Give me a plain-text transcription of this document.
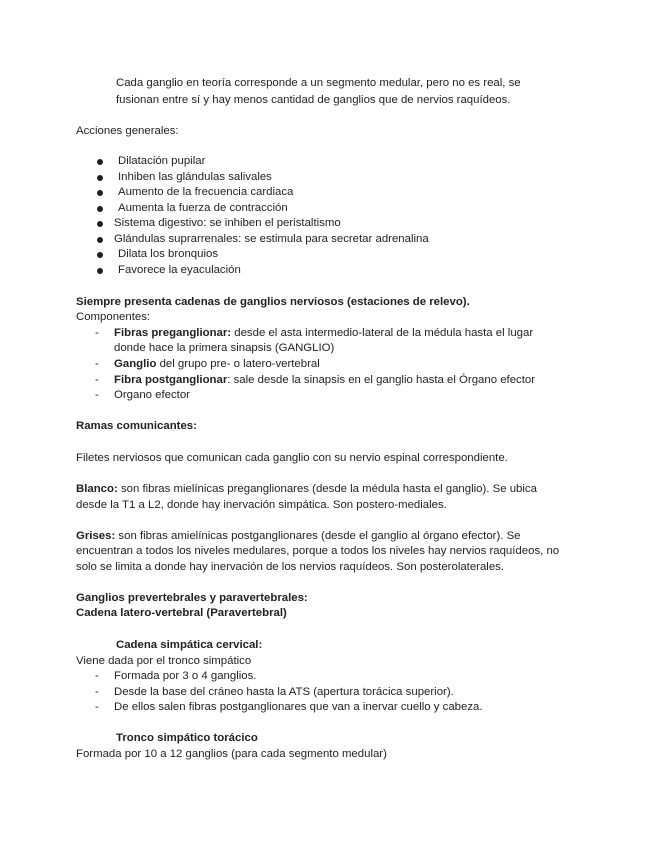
Cada ganglio en teoría corresponde a un segmento medular, pero no es real, se
fusionan entre sí y hay menos cantidad de ganglios que de nervios raquídeos.
Acciones generales:
Dilatación pupilar
Inhiben las glándulas salivales
Aumento de la frecuencia cardiaca
Aumenta la fuerza de contracción
Sistema digestivo: se inhiben el peristaltismo
Glándulas suprarrenales: se estimula para secretar adrenalina
Dilata los bronquios
Favorece la eyaculación
Siempre presenta cadenas de ganglios nerviosos (estaciones de relevo).
Componentes:
- Fibras preganglionar: desde el asta intermedio-lateral de la médula hasta el lugar
donde hace la primera sinapsis (GANGLIO)
- Ganglio del grupo pre- o latero-vertebral
- Fibra postganglionar: sale desde la sinapsis en el ganglio hasta el Órgano efector
- Organo efector
Ramas comunicantes:
Filetes nerviosos que comunican cada ganglio con su nervio espinal correspondiente.
Blanco: son fibras mielínicas preganglionares (desde la médula hasta el ganglio). Se ubica
desde la T1 a L2, donde hay inervación simpática. Son postero-mediales.
Grises: son fibras amielínicas postganglionares (desde el ganglio al órgano efector). Se
encuentran a todos los niveles medulares, porque a todos los niveles hay nervios raquídeos, no
solo se limita a donde hay inervación de los nervios raquídeos. Son posterolaterales.
Ganglios prevertebrales y paravertebrales:
Cadena latero-vertebral (Paravertebral)
Cadena simpática cervical:
Viene dada por el tronco simpático
- Formada por 3 o 4 ganglios.
- Desde la base del cráneo hasta la ATS (apertura torácica superior).
- De ellos salen fibras postganglionares que van a inervar cuello y cabeza.
Tronco simpático torácico
Formada por 10 a 12 ganglios (para cada segmento medular)
